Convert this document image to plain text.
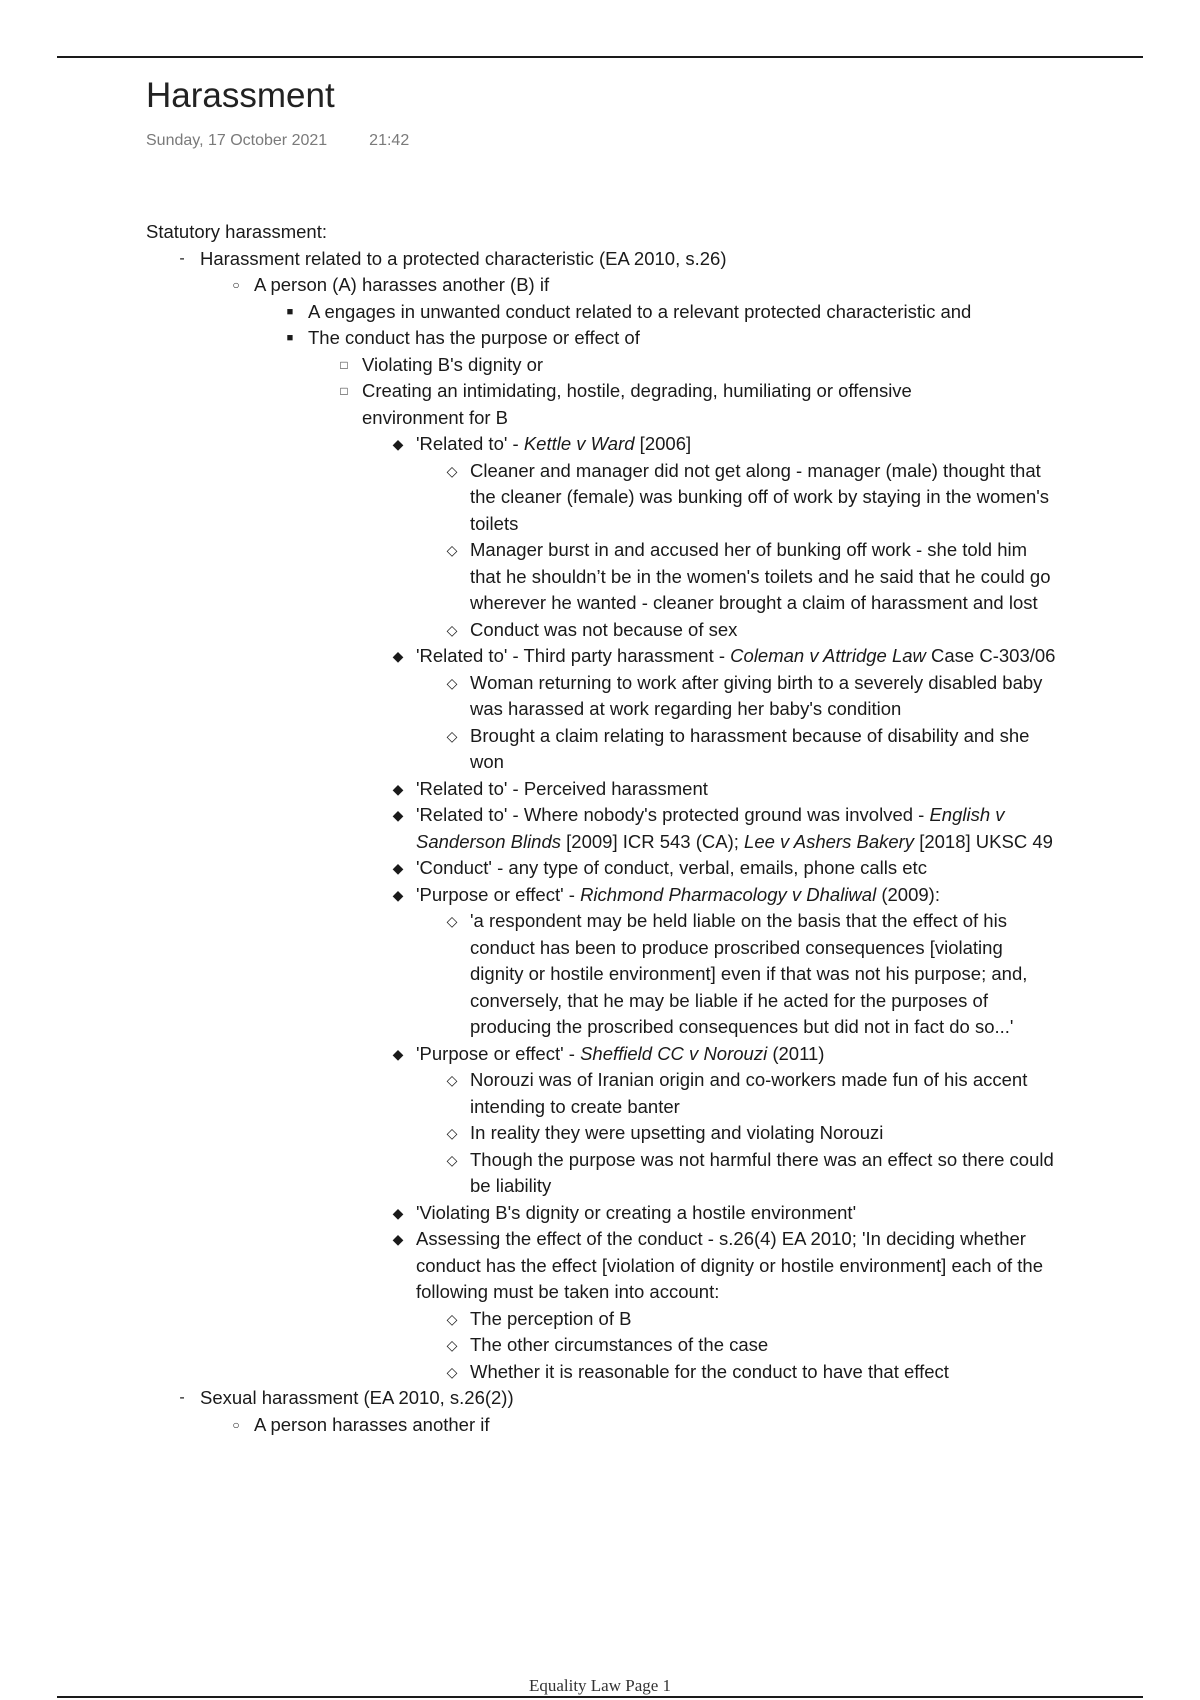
Harassment
Sunday, 17 October 2021	21:42
Statutory harassment:
- Harassment related to a protected characteristic (EA 2010, s.26)
○ A person (A) harasses another (B) if
■ A engages in unwanted conduct related to a relevant protected characteristic and
■ The conduct has the purpose or effect of
□ Violating B's dignity or
□ Creating an intimidating, hostile, degrading, humiliating or offensive environment for B
◆ 'Related to' - Kettle v Ward [2006]
◇ Cleaner and manager did not get along - manager (male) thought that the cleaner (female) was bunking off of work by staying in the women's toilets
◇ Manager burst in and accused her of bunking off work - she told him that he shouldn’t be in the women's toilets and he said that he could go wherever he wanted - cleaner brought a claim of harassment and lost
◇ Conduct was not because of sex
◆ 'Related to' - Third party harassment - Coleman v Attridge Law Case C-303/06
◇ Woman returning to work after giving birth to a severely disabled baby was harassed at work regarding her baby's condition
◇ Brought a claim relating to harassment because of disability and she won
◆ 'Related to' - Perceived harassment
◆ 'Related to' - Where nobody's protected ground was involved - English v Sanderson Blinds [2009] ICR 543 (CA); Lee v Ashers Bakery [2018] UKSC 49
◆ 'Conduct' - any type of conduct, verbal, emails, phone calls etc
◆ 'Purpose or effect' - Richmond Pharmacology v Dhaliwal (2009):
◇ 'a respondent may be held liable on the basis that the effect of his conduct has been to produce proscribed consequences [violating dignity or hostile environment] even if that was not his purpose; and, conversely, that he may be liable if he acted for the purposes of producing the proscribed consequences but did not in fact do so...'
◆ 'Purpose or effect' - Sheffield CC v Norouzi (2011)
◇ Norouzi was of Iranian origin and co-workers made fun of his accent intending to create banter
◇ In reality they were upsetting and violating Norouzi
◇ Though the purpose was not harmful there was an effect so there could be liability
◆ 'Violating B's dignity or creating a hostile environment'
◆ Assessing the effect of the conduct - s.26(4) EA 2010; 'In deciding whether conduct has the effect [violation of dignity or hostile environment] each of the following must be taken into account:
◇ The perception of B
◇ The other circumstances of the case
◇ Whether it is reasonable for the conduct to have that effect
- Sexual harassment (EA 2010, s.26(2))
○ A person harasses another if
Equality Law Page 1
